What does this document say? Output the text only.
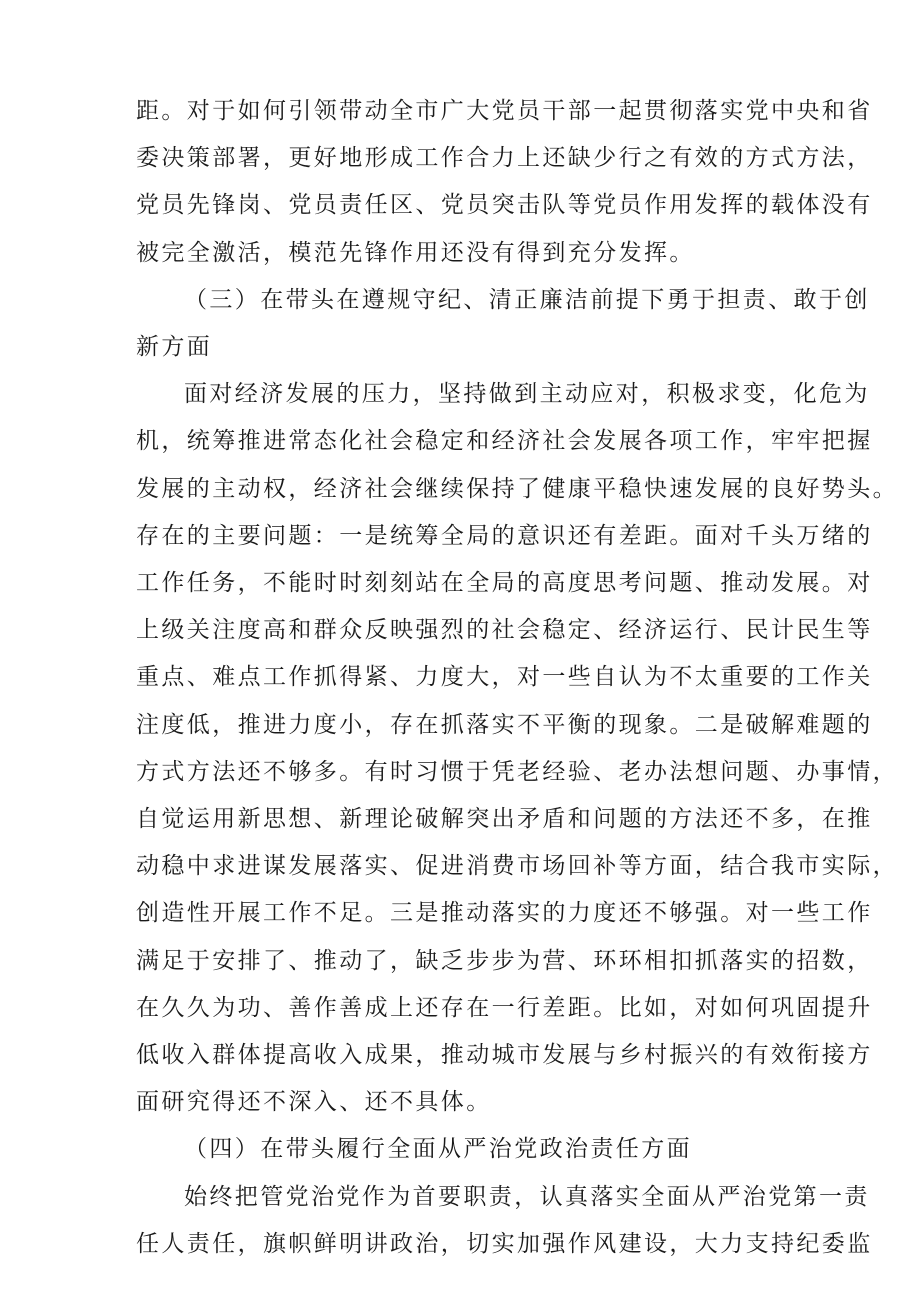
距。对于如何引领带动全市广大党员干部一起贯彻落实党中央和省
委决策部署，更好地形成工作合力上还缺少行之有效的方式方法，
党员先锋岗、党员责任区、党员突击队等党员作用发挥的载体没有
被完全激活，模范先锋作用还没有得到充分发挥。
（三）在带头在遵规守纪、清正廉洁前提下勇于担责、敢于创
新方面
面对经济发展的压力，坚持做到主动应对，积极求变，化危为
机，统筹推进常态化社会稳定和经济社会发展各项工作，牢牢把握
发展的主动权，经济社会继续保持了健康平稳快速发展的良好势头。
存在的主要问题：一是统筹全局的意识还有差距。面对千头万绪的
工作任务，不能时时刻刻站在全局的高度思考问题、推动发展。对
上级关注度高和群众反映强烈的社会稳定、经济运行、民计民生等
重点、难点工作抓得紧、力度大，对一些自认为不太重要的工作关
注度低，推进力度小，存在抓落实不平衡的现象。二是破解难题的
方式方法还不够多。有时习惯于凭老经验、老办法想问题、办事情，
自觉运用新思想、新理论破解突出矛盾和问题的方法还不多，在推
动稳中求进谋发展落实、促进消费市场回补等方面，结合我市实际，
创造性开展工作不足。三是推动落实的力度还不够强。对一些工作
满足于安排了、推动了，缺乏步步为营、环环相扣抓落实的招数，
在久久为功、善作善成上还存在一行差距。比如，对如何巩固提升
低收入群体提高收入成果，推动城市发展与乡村振兴的有效衔接方
面研究得还不深入、还不具体。
（四）在带头履行全面从严治党政治责任方面
始终把管党治党作为首要职责，认真落实全面从严治党第一责
任人责任，旗帜鲜明讲政治，切实加强作风建设，大力支持纪委监
